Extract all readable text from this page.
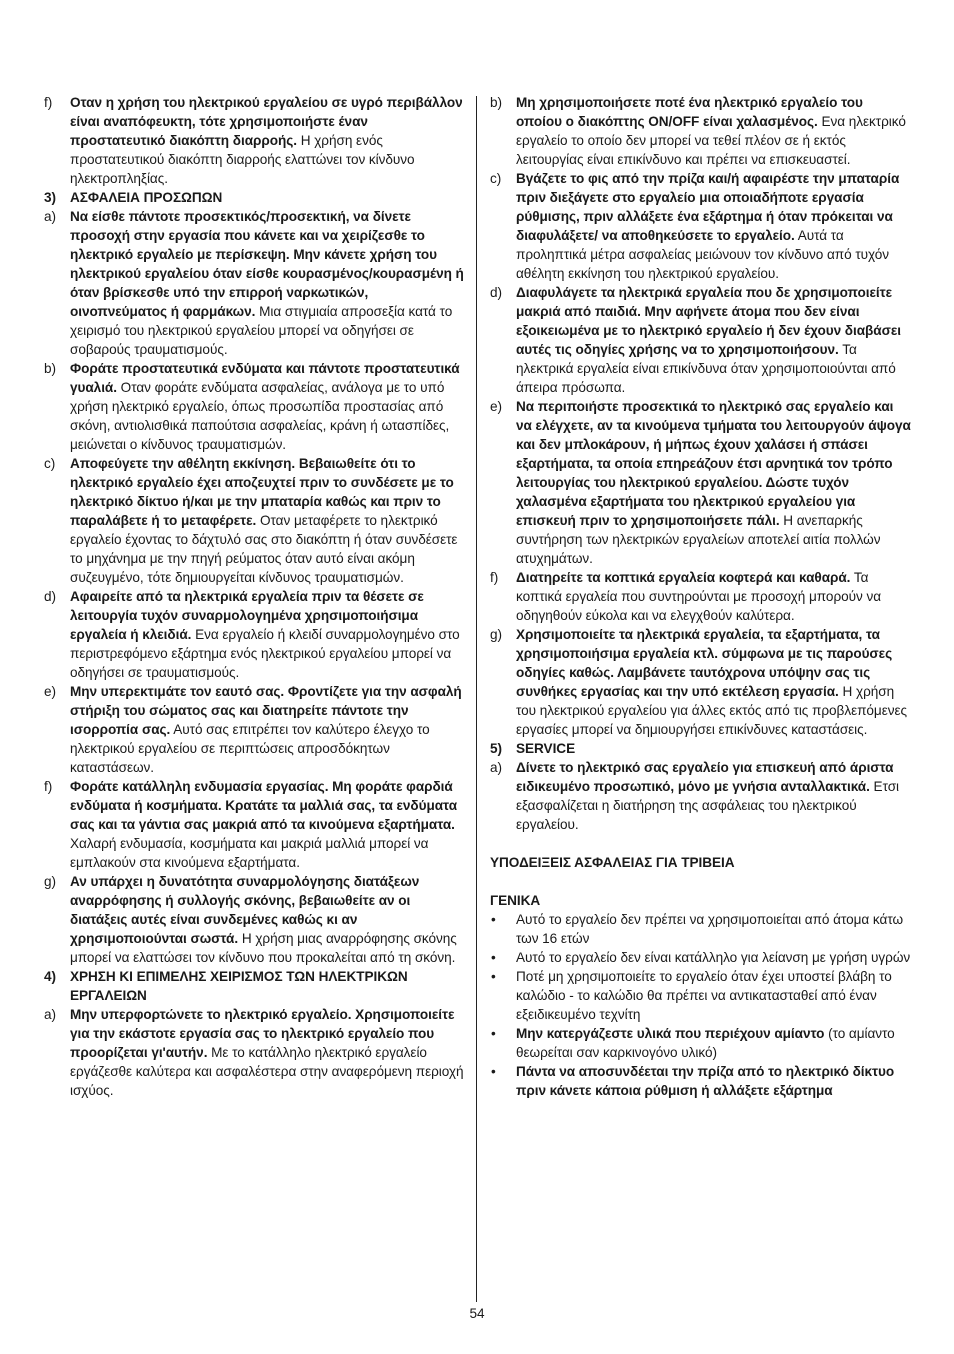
f) Οταν η χρήση του ηλεκτρικού εργαλείου σε υγρό περιβάλλον είναι αναπόφευκτη, τότε χρησιμοποιήστε έναν προστατευτικό διακόπτη διαρροής. Η χρήση ενός προστατευτικού διακόπτη διαρροής ελαττώνει τον κίνδυνο ηλεκτροπληξίας.
3) ΑΣΦΑΛΕΙΑ ΠΡΟΣΩΠΩΝ
a) Να είσθε πάντοτε προσεκτικός/προσεκτική, να δίνετε προσοχή στην εργασία που κάνετε και να χειρίζεσθε το ηλεκτρικό εργαλείο με περίσκεψη. Μην κάνετε χρήση του ηλεκτρικού εργαλείου όταν είσθε κουρασμένος/κουρασμένη ή όταν βρίσκεσθε υπό την επιρροή ναρκωτικών, οινοπνεύματος ή φαρμάκων. Μια στιγμιαία απροσεξία κατά το χειρισμό του ηλεκτρικού εργαλείου μπορεί να οδηγήσει σε σοβαρούς τραυματισμούς.
b) Φοράτε προστατευτικά ενδύματα και πάντοτε προστατευτικά γυαλιά. Οταν φοράτε ενδύματα ασφαλείας, ανάλογα με το υπό χρήση ηλεκτρικό εργαλείο, όπως προσωπίδα προστασίας από σκόνη, αντιολισθικά παπούτσια ασφαλείας, κράνη ή ωτασπίδες, μειώνεται ο κίνδυνος τραυματισμών.
c) Αποφεύγετε την αθέλητη εκκίνηση. Βεβαιωθείτε ότι το ηλεκτρικό εργαλείο έχει αποζευχτεί πριν το συνδέσετε με το ηλεκτρικό δίκτυο ή/και με την μπαταρία καθώς και πριν το παραλάβετε ή το μεταφέρετε. Οταν μεταφέρετε το ηλεκτρικό εργαλείο έχοντας το δάχτυλό σας στο διακόπτη ή όταν συνδέσετε το μηχάνημα με την πηγή ρεύματος όταν αυτό είναι ακόμη συζευγμένο, τότε δημιουργείται κίνδυνος τραυματισμών.
d) Αφαιρείτε από τα ηλεκτρικά εργαλεία πριν τα θέσετε σε λειτουργία τυχόν συναρμολογημένα χρησιμοποιήσιμα εργαλεία ή κλειδιά. Ενα εργαλείο ή κλειδί συναρμολογημένο στο περιστρεφόμενο εξάρτημα ενός ηλεκτρικού εργαλείου μπορεί να οδηγήσει σε τραυματισμούς.
e) Μην υπερεκτιμάτε τον εαυτό σας. Φροντίζετε για την ασφαλή στήριξη του σώματος σας και διατηρείτε πάντοτε την ισορροπία σας. Αυτό σας επιτρέπει τον καλύτερο έλεγχο το ηλεκτρικού εργαλείου σε περιπτώσεις απροσδόκητων καταστάσεων.
f) Φοράτε κατάλληλη ενδυμασία εργασίας. Μη φοράτε φαρδιά ενδύματα ή κοσμήματα. Κρατάτε τα μαλλιά σας, τα ενδύματα σας και τα γάντια σας μακριά από τα κινούμενα εξαρτήματα. Χαλαρή ενδυμασία, κοσμήματα και μακριά μαλλιά μπορεί να εμπλακούν στα κινούμενα εξαρτήματα.
g) Αν υπάρχει η δυνατότητα συναρμολόγησης διατάξεων αναρρόφησης ή συλλογής σκόνης, βεβαιωθείτε αν οι διατάξεις αυτές είναι συνδεμένες καθώς κι αν χρησιμοποιούνται σωστά. Η χρήση μιας αναρρόφησης σκόνης μπορεί να ελαττώσει τον κίνδυνο που προκαλείται από τη σκόνη.
4) ΧΡΗΣΗ ΚΙ ΕΠΙΜΕΛΗΣ ΧΕΙΡΙΣΜΟΣ ΤΩΝ ΗΛΕΚΤΡΙΚΩΝ ΕΡΓΑΛΕΙΩΝ
a) Μην υπερφορτώνετε το ηλεκτρικό εργαλείο. Χρησιμοποιείτε για την εκάστοτε εργασία σας το ηλεκτρικό εργαλείο που προορίζεται γι'αυτήν. Με το κατάλληλο ηλεκτρικό εργαλείο εργάζεσθε καλύτερα και ασφαλέστερα στην αναφερόμενη περιοχή ισχύος.
b) Μη χρησιμοποιήσετε ποτέ ένα ηλεκτρικό εργαλείο του οποίου ο διακόπτης ON/OFF είναι χαλασμένος. Ενα ηλεκτρικό εργαλείο το οποίο δεν μπορεί να τεθεί πλέον σε ή εκτός λειτουργίας είναι επικίνδυνο και πρέπει να επισκευαστεί.
c) Βγάζετε το φις από την πρίζα και/ή αφαιρέστε την μπαταρία πριν διεξάγετε στο εργαλείο μια οποιαδήποτε εργασία ρύθμισης, πριν αλλάξετε ένα εξάρτημα ή όταν πρόκειται να διαφυλάξετε/ να αποθηκεύσετε το εργαλείο. Αυτά τα προληπτικά μέτρα ασφαλείας μειώνουν τον κίνδυνο από τυχόν αθέλητη εκκίνηση του ηλεκτρικού εργαλείου.
d) Διαφυλάγετε τα ηλεκτρικά εργαλεία που δε χρησιμοποιείτε μακριά από παιδιά. Μην αφήνετε άτομα που δεν είναι εξοικειωμένα με το ηλεκτρικό εργαλείο ή δεν έχουν διαβάσει αυτές τις οδηγίες χρήσης να το χρησιμοποιήσουν. Τα ηλεκτρικά εργαλεία είναι επικίνδυνα όταν χρησιμοποιούνται από άπειρα πρόσωπα.
e) Να περιποιήστε προσεκτικά το ηλεκτρικό σας εργαλείο και να ελέγχετε, αν τα κινούμενα τμήματα του λειτουργούν άψογα και δεν μπλοκάρουν, ή μήπως έχουν χαλάσει ή σπάσει εξαρτήματα, τα οποία επηρεάζουν έτσι αρνητικά τον τρόπο λειτουργίας του ηλεκτρικού εργαλείου. Δώστε τυχόν χαλασμένα εξαρτήματα του ηλεκτρικού εργαλείου για επισκευή πριν το χρησιμοποιήσετε πάλι. Η ανεπαρκής συντήρηση των ηλεκτρικών εργαλείων αποτελεί αιτία πολλών ατυχημάτων.
f) Διατηρείτε τα κοπτικά εργαλεία κοφτερά και καθαρά. Τα κοπτικά εργαλεία που συντηρούνται με προσοχή μπορούν να οδηγηθούν εύκολα και να ελεγχθούν καλύτερα.
g) Χρησιμοποιείτε τα ηλεκτρικά εργαλεία, τα εξαρτήματα, τα χρησιμοποιήσιμα εργαλεία κτλ. σύμφωνα με τις παρούσες οδηγίες καθώς. Λαμβάνετε ταυτόχρονα υπόψην σας τις συνθήκες εργασίας και την υπό εκτέλεση εργασία. Η χρήση του ηλεκτρικού εργαλείου για άλλες εκτός από τις προβλεπόμενες εργασίες μπορεί να δημιουργήσει επικίνδυνες καταστάσεις.
5) SERVICE
a) Δίνετε το ηλεκτρικό σας εργαλείο για επισκευή από άριστα ειδικευμένο προσωπικό, μόνο με γνήσια ανταλλακτικά. Ετσι εξασφαλίζεται η διατήρηση της ασφάλειας του ηλεκτρικού εργαλείου.
ΥΠΟΔΕΙΞΕΙΣ ΑΣΦΑΛΕΙΑΣ ΓΙΑ ΤΡΙΒΕΙΑ
ΓΕΝΙΚΑ
• Αυτό το εργαλείο δεν πρέπει να χρησιμοποιείται από άτομα κάτω των 16 ετών
• Αυτό το εργαλείο δεν είναι κατάλληλο για λείανση με γρήση υγρών
• Ποτέ μη χρησιμοποιείτε το εργαλείο όταν έχει υποστεί βλάβη το καλώδιο - το καλώδιο θα πρέπει να αντικατασταθεί από έναν εξειδικευμένο τεχνίτη
• Μην κατεργάζεστε υλικά που περιέχουν αμίαντο (το αμίαντο θεωρείται σαν καρκινογόνο υλικό)
• Πάντα να αποσυνδέεται την πρίζα από το ηλεκτρικό δίκτυο πριν κάνετε κάποια ρύθμιση ή αλλάξετε εξάρτημα
54
